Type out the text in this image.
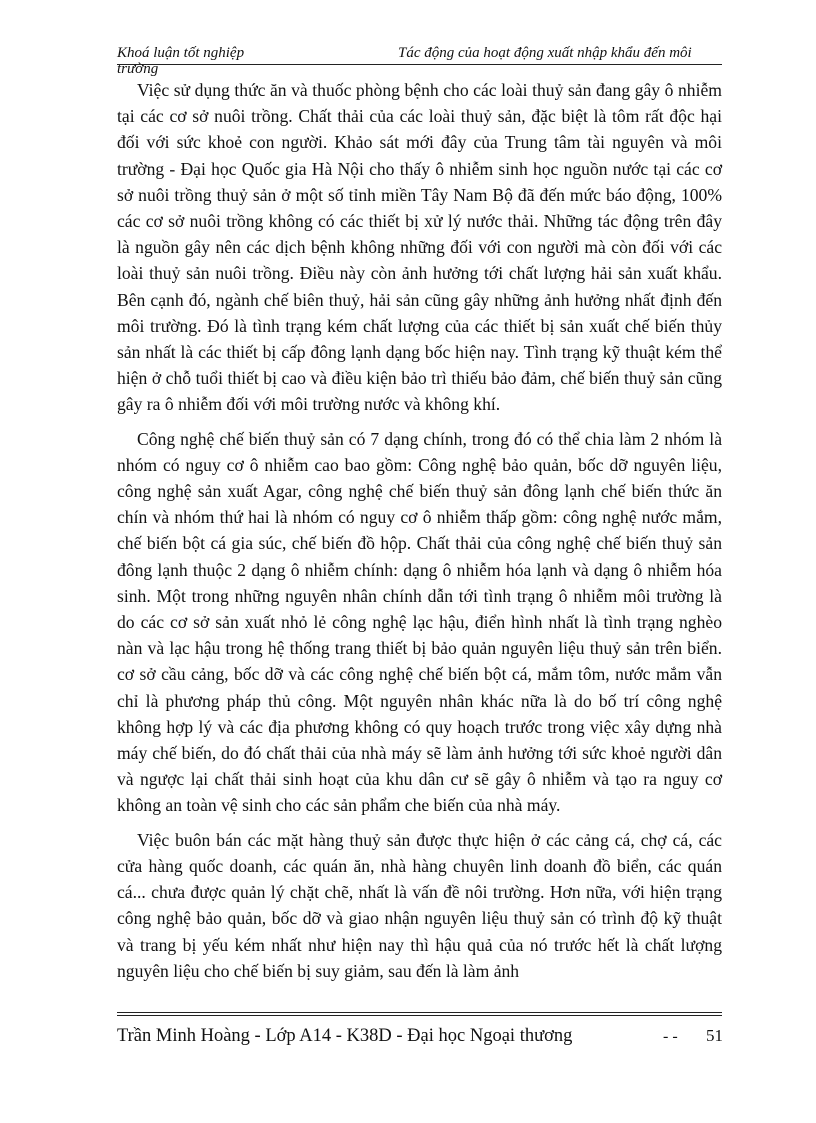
Khoá luận tốt nghiệp
trường
Tác động của hoạt động xuất nhập khẩu đến môi

Việc sử dụng thức ăn và thuốc phòng bệnh cho các loài thuỷ sản đang gây ô nhiễm tại các cơ sở nuôi trồng. Chất thải của các loài thuỷ sản, đặc biệt là tôm rất độc hại đối với sức khoẻ con người. Khảo sát mới đây của Trung tâm tài nguyên và môi trường - Đại học Quốc gia Hà Nội cho thấy ô nhiễm sinh học nguồn nước tại các cơ sở nuôi trồng thuỷ sản ở một số tỉnh miền Tây Nam Bộ đã đến mức báo động, 100% các cơ sở nuôi trồng không có các thiết bị xử lý nước thải. Những tác động trên đây là nguồn gây nên các dịch bệnh không những đối với con người mà còn đối với các loài thuỷ sản nuôi trồng. Điều này còn ảnh hưởng tới chất lượng hải sản xuất khẩu. Bên cạnh đó, ngành chế biên thuỷ, hải sản cũng gây những ảnh hưởng nhất định đến môi trường. Đó là tình trạng kém chất lượng của các thiết bị sản xuất chế biến thủy sản nhất là các thiết bị cấp đông lạnh dạng bốc hiện nay. Tình trạng kỹ thuật kém thể hiện ở chỗ tuổi thiết bị cao và điều kiện bảo trì thiếu bảo đảm, chế biến thuỷ sản cũng gây ra ô nhiễm đối với môi trường nước và không khí.

Công nghệ chế biến thuỷ sản có 7 dạng chính, trong đó có thể chia làm 2 nhóm là nhóm có nguy cơ ô nhiễm cao bao gồm: Công nghệ bảo quản, bốc dỡ nguyên liệu, công nghệ sản xuất Agar, công nghệ chế biến thuỷ sản đông lạnh chế biến thức ăn chín và nhóm thứ hai là nhóm có nguy cơ ô nhiễm thấp gồm: công nghệ nước mắm, chế biến bột cá gia súc, chế biến đồ hộp. Chất thải của công nghệ chế biến thuỷ sản đông lạnh thuộc 2 dạng ô nhiễm chính: dạng ô nhiễm hóa lạnh và dạng ô nhiễm hóa sinh. Một trong những nguyên nhân chính dẫn tới tình trạng ô nhiễm môi trường là do các cơ sở sản xuất nhỏ lẻ công nghệ lạc hậu, điển hình nhất là tình trạng nghèo nàn và lạc hậu trong hệ thống trang thiết bị bảo quản nguyên liệu thuỷ sản trên biển. cơ sở cầu cảng, bốc dỡ và các công nghệ chế biến bột cá, mắm tôm, nước mắm vẫn chỉ là phương pháp thủ công. Một nguyên nhân khác nữa là do bố trí công nghệ không hợp lý và các địa phương không có quy hoạch trước trong việc xây dựng nhà máy chế biến, do đó chất thải của nhà máy sẽ làm ảnh hưởng tới sức khoẻ người dân và ngược lại chất thải sinh hoạt của khu dân cư sẽ gây ô nhiễm và tạo ra nguy cơ không an toàn vệ sinh cho các sản phẩm che biến của nhà máy.

Việc buôn bán các mặt hàng thuỷ sản được thực hiện ở các cảng cá, chợ cá, các cửa hàng quốc doanh, các quán ăn, nhà hàng chuyên linh doanh đồ biển, các quán cá... chưa được quản lý chặt chẽ, nhất là vấn đề nôi trường. Hơn nữa, với hiện trạng công nghệ bảo quản, bốc dỡ và giao nhận nguyên liệu thuỷ sản có trình độ kỹ thuật và trang bị yếu kém nhất như hiện nay thì hậu quả của nó trước hết là chất lượng nguyên liệu cho chế biến bị suy giảm, sau đến là làm ảnh

Trần Minh Hoàng - Lớp A14 - K38D - Đại học Ngoại thương	- - 51
